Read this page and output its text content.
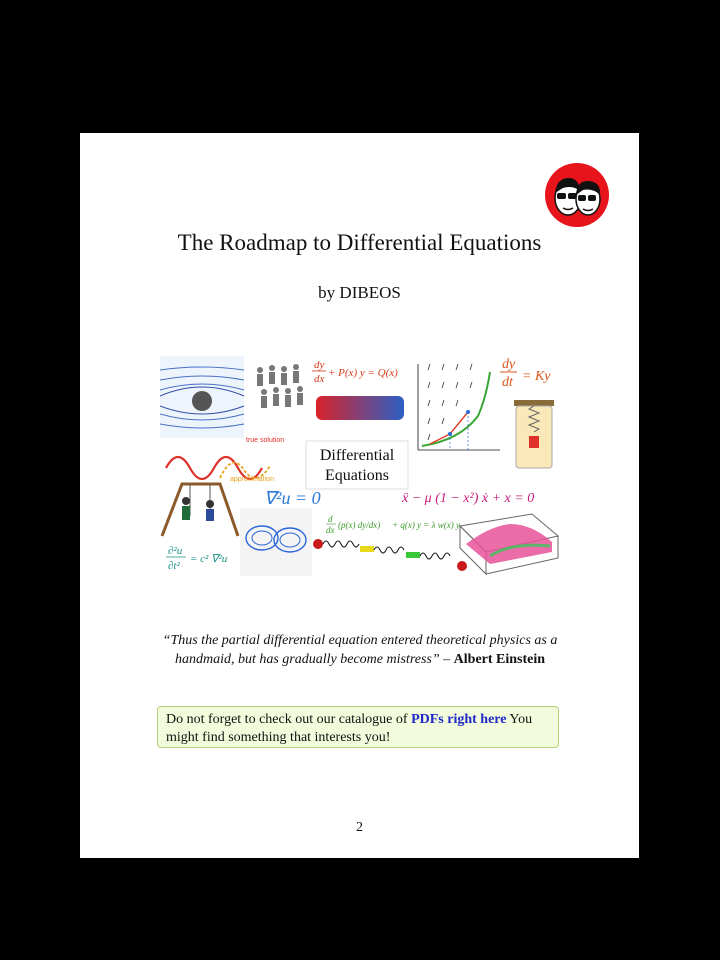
The Roadmap to Differential Equations
by DIBEOS
dy
dx + P(x) y = Q(x)
dy
dt = Ky
true solution
approximation
Differential
Equations
∂²u
∂t²
= c² ∇²u
∇²u = 0	ẍ − μ (1 − x²) ẋ + x = 0
d
dx (p(x) dy/dx) + q(x) y = λ w(x) y
“Thus the partial differential equation entered theoretical physics as a handmaid, but has gradually become mistress” – Albert Einstein
Do not forget to check out our catalogue of PDFs right here You might find something that interests you!
2
